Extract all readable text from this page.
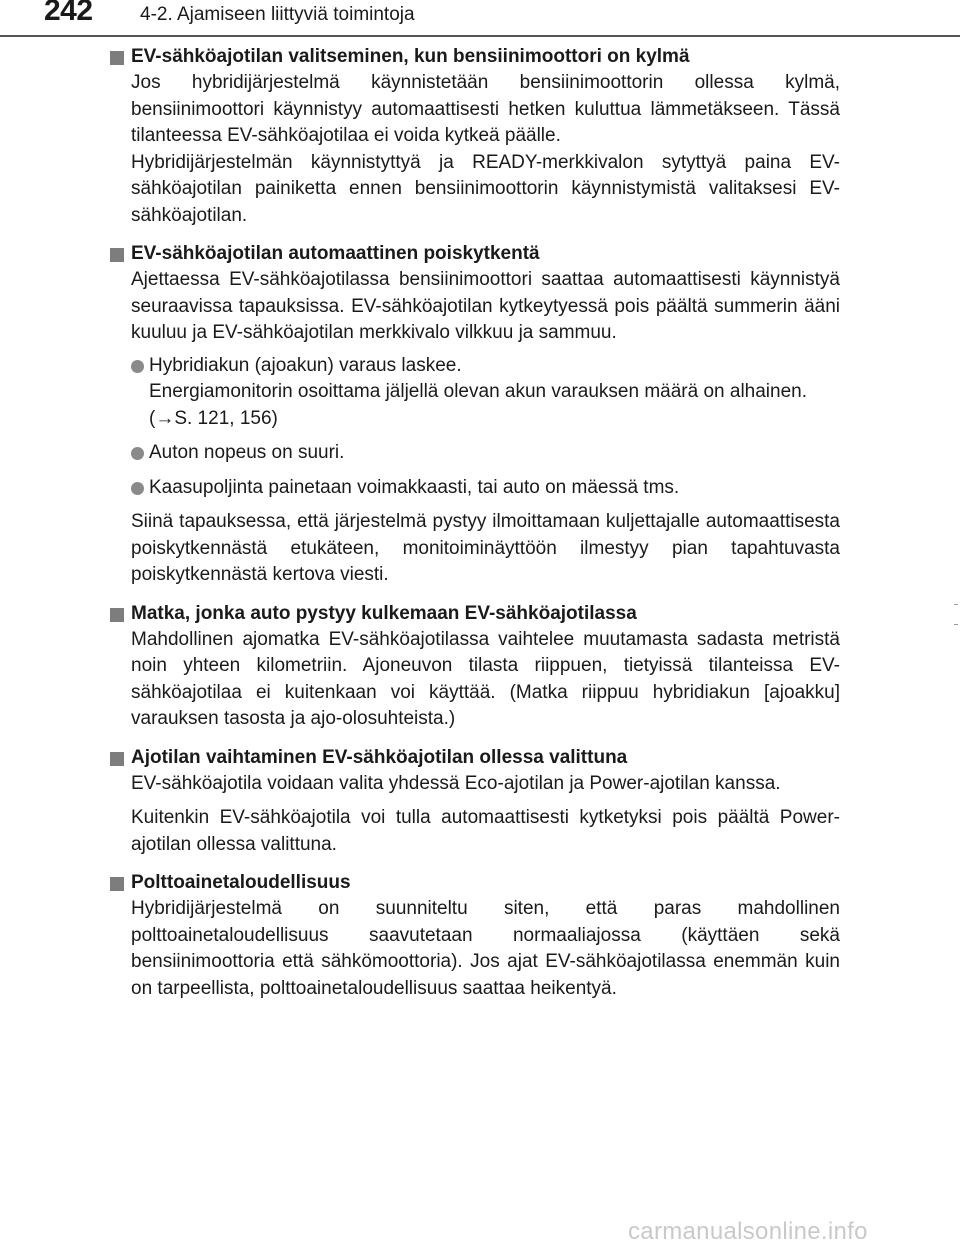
242 4-2. Ajamiseen liittyviä toimintoja
EV-sähköajotilan valitseminen, kun bensiinimoottori on kylmä

Jos hybridijärjestelmä käynnistetään bensiinimoottorin ollessa kylmä, bensiinimoottori käynnistyy automaattisesti hetken kuluttua lämmetäkseen. Tässä tilanteessa EV-sähköajotilaa ei voida kytkeä päälle.

Hybridijärjestelmän käynnistyttyä ja READY-merkkivalon sytyttyä paina EV-sähköajotilan painiketta ennen bensiinimoottorin käynnistymistä valitaksesi EV-sähköajotilan.

EV-sähköajotilan automaattinen poiskytkentä

Ajettaessa EV-sähköajotilassa bensiinimoottori saattaa automaattisesti käynnistyä seuraavissa tapauksissa. EV-sähköajotilan kytkeytyessä pois päältä summerin ääni kuuluu ja EV-sähköajotilan merkkivalo vilkkuu ja sammuu.

Hybridiakun (ajoakun) varaus laskee.
Energiamonitorin osoittama jäljellä olevan akun varauksen määrä on alhainen.
(→S. 121, 156)
Auton nopeus on suuri.
Kaasupoljinta painetaan voimakkaasti, tai auto on mäessä tms.

Siinä tapauksessa, että järjestelmä pystyy ilmoittamaan kuljettajalle automaattisesta poiskytkennästä etukäteen, monitoiminäyttöön ilmestyy pian tapahtuvasta poiskytkennästä kertova viesti.

Matka, jonka auto pystyy kulkemaan EV-sähköajotilassa

Mahdollinen ajomatka EV-sähköajotilassa vaihtelee muutamasta sadasta metristä noin yhteen kilometriin. Ajoneuvon tilasta riippuen, tietyissä tilanteissa EV-sähköajotilaa ei kuitenkaan voi käyttää. (Matka riippuu hybridiakun [ajoakku] varauksen tasosta ja ajo-olosuhteista.)

Ajotilan vaihtaminen EV-sähköajotilan ollessa valittuna

EV-sähköajotila voidaan valita yhdessä Eco-ajotilan ja Power-ajotilan kanssa.

Kuitenkin EV-sähköajotila voi tulla automaattisesti kytketyksi pois päältä Power-ajotilan ollessa valittuna.

Polttoainetaloudellisuus

Hybridijärjestelmä on suunniteltu siten, että paras mahdollinen polttoainetaloudellisuus saavutetaan normaaliajossa (käyttäen sekä bensiinimoottoria että sähkömoottoria). Jos ajat EV-sähköajotilassa enemmän kuin on tarpeellista, polttoainetaloudellisuus saattaa heikentyä.

carmanualsonline.info
